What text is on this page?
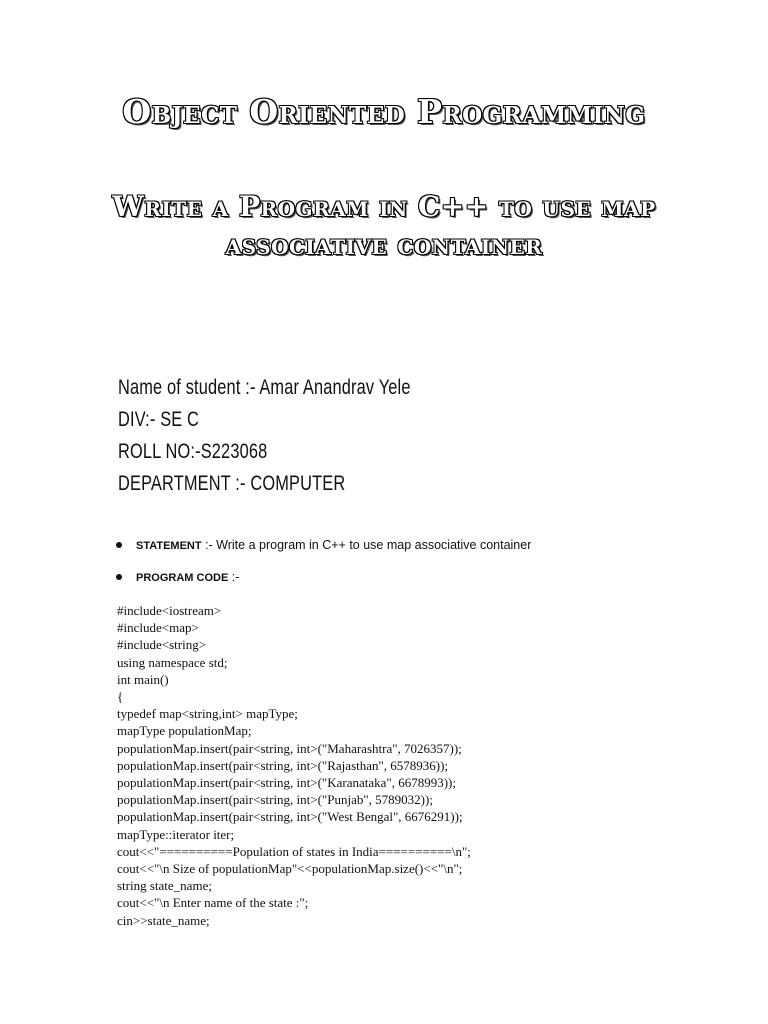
Object Oriented Programming
Write a Program in C++ to use map
associative container
Name of student :- Amar Anandrav Yele
DIV:- SE C
ROLL NO:-S223068
DEPARTMENT :- COMPUTER
STATEMENT :- Write a program in C++ to use map associative container
PROGRAM CODE :-
#include<iostream>
#include<map>
#include<string>
using namespace std;
int main()
{
typedef map<string,int> mapType;
mapType populationMap;
populationMap.insert(pair<string, int>("Maharashtra", 7026357));
populationMap.insert(pair<string, int>("Rajasthan", 6578936));
populationMap.insert(pair<string, int>("Karanataka", 6678993));
populationMap.insert(pair<string, int>("Punjab", 5789032));
populationMap.insert(pair<string, int>("West Bengal", 6676291));
mapType::iterator iter;
cout<<"==========Population of states in India==========\n";
cout<<"\n Size of populationMap"<<populationMap.size()<<"\n";
string state_name;
cout<<"\n Enter name of the state :";
cin>>state_name;
